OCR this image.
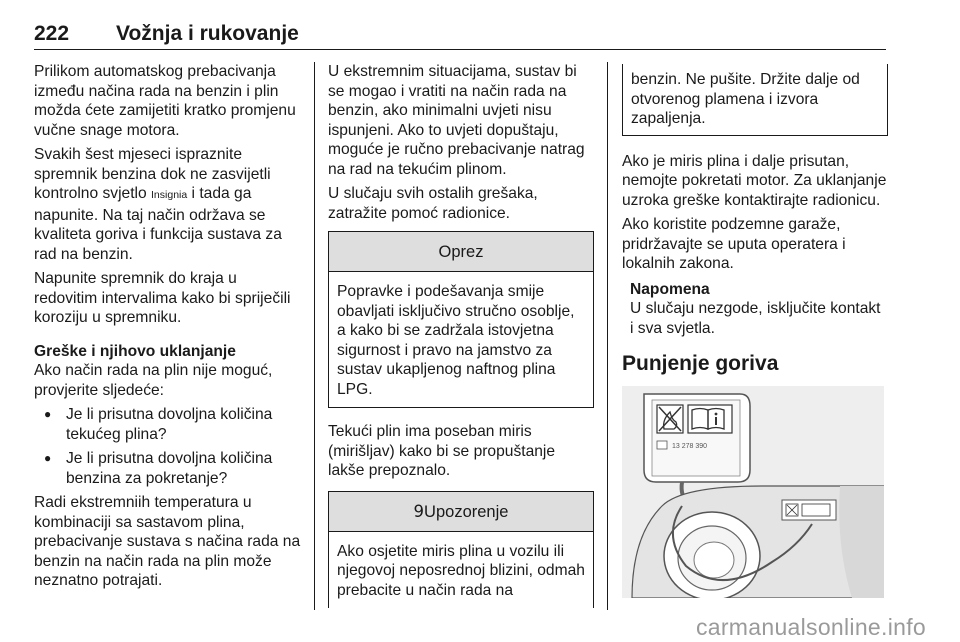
222 Vožnja i rukovanje

Prilikom automatskog prebacivanja između načina rada na benzin i plin možda ćete zamijetiti kratko promjenu vučne snage motora.

Svakih šest mjeseci ispraznite spremnik benzina dok ne zasvijetli kontrolno svjetlo Insignia i tada ga napunite. Na taj način održava se kvaliteta goriva i funkcija sustava za rad na benzin.

Napunite spremnik do kraja u redovitim intervalima kako bi spriječili koroziju u spremniku.

Greške i njihovo uklanjanje

Ako način rada na plin nije moguć, provjerite sljedeće:

● Je li prisutna dovoljna količina tekućeg plina?
● Je li prisutna dovoljna količina benzina za pokretanje?

Radi ekstremniih temperatura u kombinaciji sa sastavom plina, prebacivanje sustava s načina rada na benzin na način rada na plin može neznatno potrajati.

U ekstremnim situacijama, sustav bi se mogao i vratiti na način rada na benzin, ako minimalni uvjeti nisu ispunjeni. Ako to uvjeti dopuštaju, moguće je ručno prebacivanje natrag na rad na tekućim plinom.

U slučaju svih ostalih grešaka, zatražite pomoć radionice.

Oprez
Popravke i podešavanja smije obavljati isključivo stručno osoblje, a kako bi se zadržala istovjetna sigurnost i pravo na jamstvo za sustav ukapljenog naftnog plina LPG.

Tekući plin ima poseban miris (mirišljav) kako bi se propuštanje lakše prepoznalo.

9Upozorenje
Ako osjetite miris plina u vozilu ili njegovoj neposrednoj blizini, odmah prebacite u način rada na
benzin. Ne pušite. Držite dalje od otvorenog plamena i izvora zapaljenja.

Ako je miris plina i dalje prisutan, nemojte pokretati motor. Za uklanjanje uzroka greške kontaktirajte radionicu.

Ako koristite podzemne garaže, pridržavajte se uputa operatera i lokalnih zakona.

Napomena
U slučaju nezgode, isključite kontakt i sva svjetla.
Punjenje goriva
13 278 390
carmanualsonline.info
